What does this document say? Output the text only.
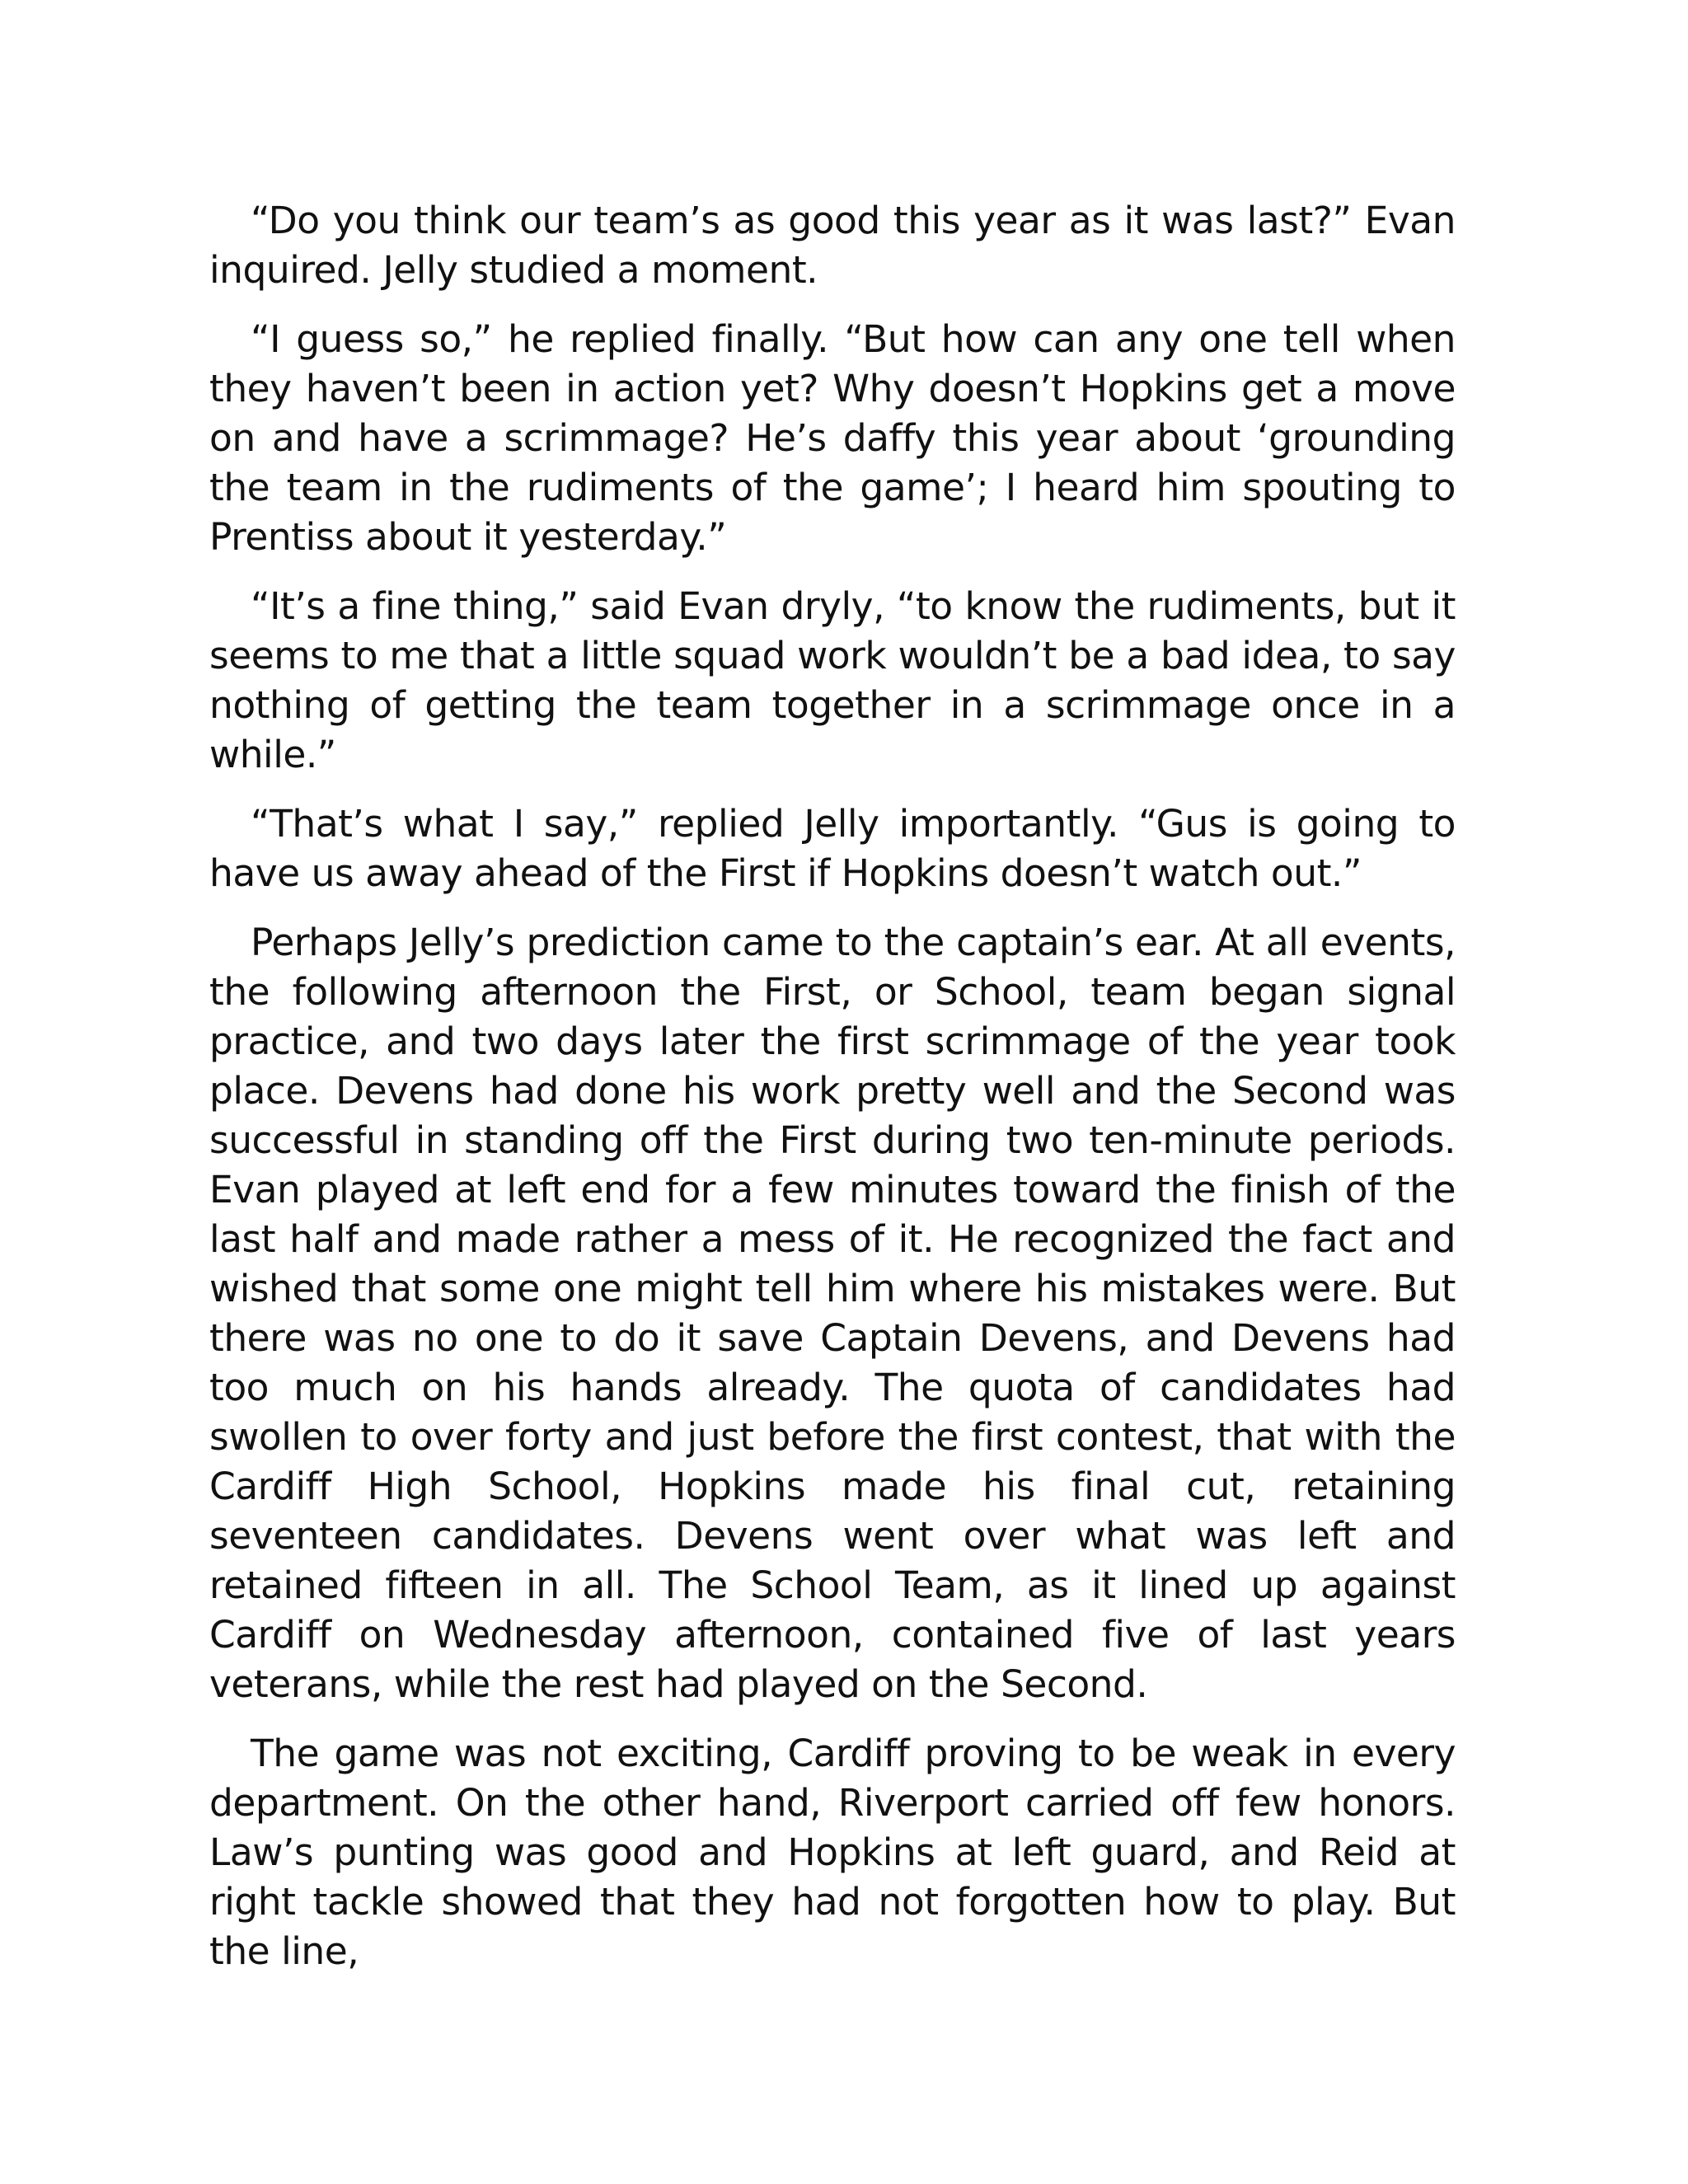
“Do you think our team’s as good this year as it was last?” Evan inquired. Jelly studied a moment.

“I guess so,” he replied finally. “But how can any one tell when they haven’t been in action yet? Why doesn’t Hopkins get a move on and have a scrimmage? He’s daffy this year about ‘grounding the team in the rudiments of the game’; I heard him spouting to Prentiss about it yesterday.”

“It’s a fine thing,” said Evan dryly, “to know the rudiments, but it seems to me that a little squad work wouldn’t be a bad idea, to say nothing of getting the team together in a scrimmage once in a while.”

“That’s what I say,” replied Jelly importantly. “Gus is going to have us away ahead of the First if Hopkins doesn’t watch out.”

Perhaps Jelly’s prediction came to the captain’s ear. At all events, the following afternoon the First, or School, team began signal practice, and two days later the first scrimmage of the year took place. Devens had done his work pretty well and the Second was successful in standing off the First during two ten-minute periods. Evan played at left end for a few minutes toward the finish of the last half and made rather a mess of it. He recognized the fact and wished that some one might tell him where his mistakes were. But there was no one to do it save Captain Devens, and Devens had too much on his hands already. The quota of candidates had swollen to over forty and just before the first contest, that with the Cardiff High School, Hopkins made his final cut, retaining seventeen candidates. Devens went over what was left and retained fifteen in all. The School Team, as it lined up against Cardiff on Wednesday afternoon, contained five of last years veterans, while the rest had played on the Second.

The game was not exciting, Cardiff proving to be weak in every department. On the other hand, Riverport carried off few honors. Law’s punting was good and Hopkins at left guard, and Reid at right tackle showed that they had not forgotten how to play. But the line,
